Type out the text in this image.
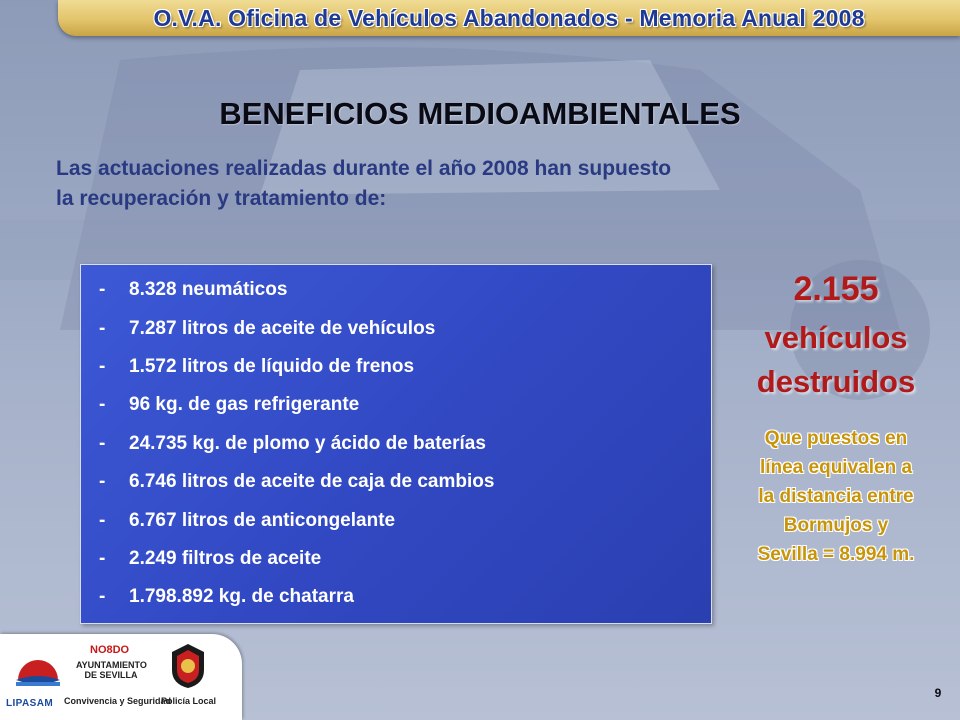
O.V.A. Oficina de Vehículos Abandonados - Memoria Anual 2008
BENEFICIOS MEDIOAMBIENTALES
Las actuaciones realizadas durante el año 2008 han supuesto
la recuperación y tratamiento de:
-	8.328 neumáticos
-	7.287 litros de aceite de vehículos
-	1.572 litros de líquido de frenos
-	96 kg. de gas refrigerante
-	24.735 kg. de plomo y ácido de baterías
-	6.746 litros de aceite de caja de cambios
-	6.767 litros de anticongelante
-	2.249 filtros de aceite
-	1.798.892 kg. de chatarra
2.155
vehículos
destruidos
Que puestos en
línea equivalen a
la distancia entre
Bormujos y
Sevilla = 8.994 m.
LIPASAM
NO8DO
AYUNTAMIENTO DE SEVILLA
Convivencia y Seguridad
Policía Local
9
